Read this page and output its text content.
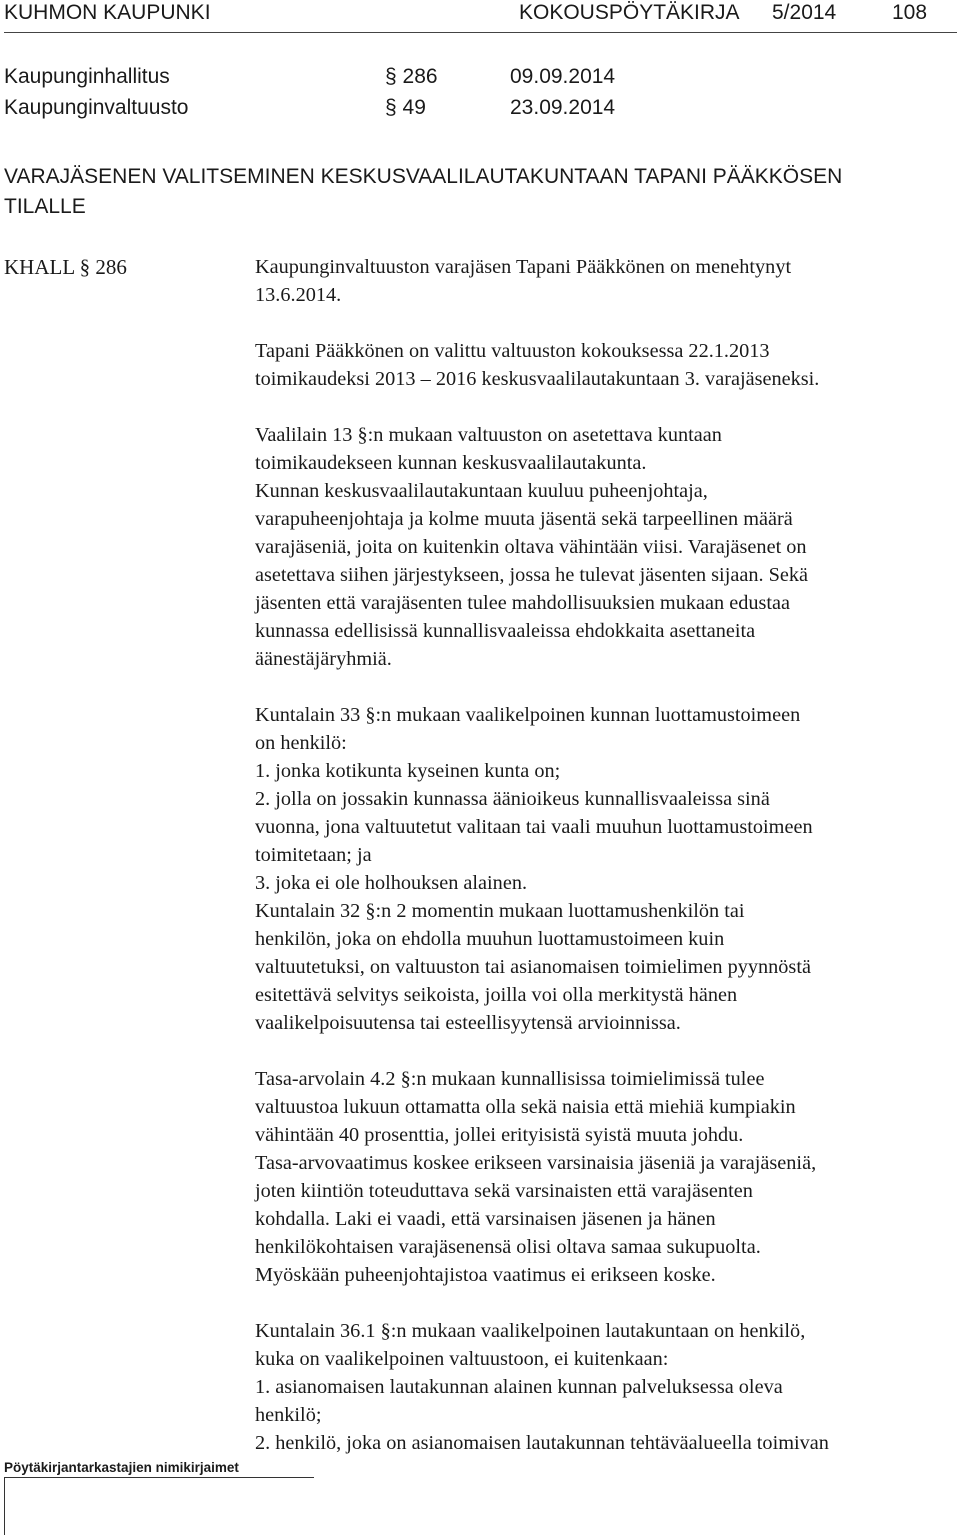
KUHMON KAUPUNKI	KOKOUSPÖYTÄKIRJA 5/2014	108
Kaupunginhallitus	§ 286	09.09.2014
Kaupunginvaltuusto	§ 49	23.09.2014
VARAJÄSENEN VALITSEMINEN KESKUSVAALILAUTAKUNTAAN TAPANI PÄÄKKÖSEN TILALLE
KHALL § 286	Kaupunginvaltuuston varajäsen Tapani Pääkkönen on menehtynyt

13.6.2014.

Tapani Pääkkönen on valittu valtuuston kokouksessa 22.1.2013

toimikaudeksi 2013 – 2016 keskusvaalilautakuntaan 3. varajäseneksi.

Vaalilain 13 §:n mukaan valtuuston on asetettava kuntaan

toimikaudekseen kunnan keskusvaalilautakunta.

Kunnan keskusvaalilautakuntaan kuuluu puheenjohtaja,

varapuheenjohtaja ja kolme muuta jäsentä sekä tarpeellinen määrä

varajäseniä, joita on kuitenkin oltava vähintään viisi. Varajäsenet on

asetettava siihen järjestykseen, jossa he tulevat jäsenten sijaan. Sekä

jäsenten että varajäsenten tulee mahdollisuuksien mukaan edustaa

kunnassa edellisissä kunnallisvaaleissa ehdokkaita asettaneita

äänestäjäryhmiä.

Kuntalain 33 §:n mukaan vaalikelpoinen kunnan luottamustoimeen

on henkilö:

1. jonka kotikunta kyseinen kunta on;

2. jolla on jossakin kunnassa äänioikeus kunnallisvaaleissa sinä

vuonna, jona valtuutetut valitaan tai vaali muuhun luottamustoimeen

toimitetaan; ja

3. joka ei ole holhouksen alainen.

Kuntalain 32 §:n 2 momentin mukaan luottamushenkilön tai

henkilön, joka on ehdolla muuhun luottamustoimeen kuin

valtuutetuksi, on valtuuston tai asianomaisen toimielimen pyynnöstä

esitettävä selvitys seikoista, joilla voi olla merkitystä hänen

vaalikelpoisuutensa tai esteellisyytensä arvioinnissa.

Tasa-arvolain 4.2 §:n mukaan kunnallisissa toimielimissä tulee

valtuustoa lukuun ottamatta olla sekä naisia että miehiä kumpiakin

vähintään 40 prosenttia, jollei erityisistä syistä muuta johdu.

Tasa-arvovaatimus koskee erikseen varsinaisia jäseniä ja varajäseniä,

joten kiintiön toteuduttava sekä varsinaisten että varajäsenten

kohdalla. Laki ei vaadi, että varsinaisen jäsenen ja hänen

henkilökohtaisen varajäsenensä olisi oltava samaa sukupuolta.

Myöskään puheenjohtajistoa vaatimus ei erikseen koske.

Kuntalain 36.1 §:n mukaan vaalikelpoinen lautakuntaan on henkilö,

kuka on vaalikelpoinen valtuustoon, ei kuitenkaan:

1. asianomaisen lautakunnan alainen kunnan palveluksessa oleva

henkilö;

2. henkilö, joka on asianomaisen lautakunnan tehtäväalueella toimivan

Pöytäkirjantarkastajien nimikirjaimet
